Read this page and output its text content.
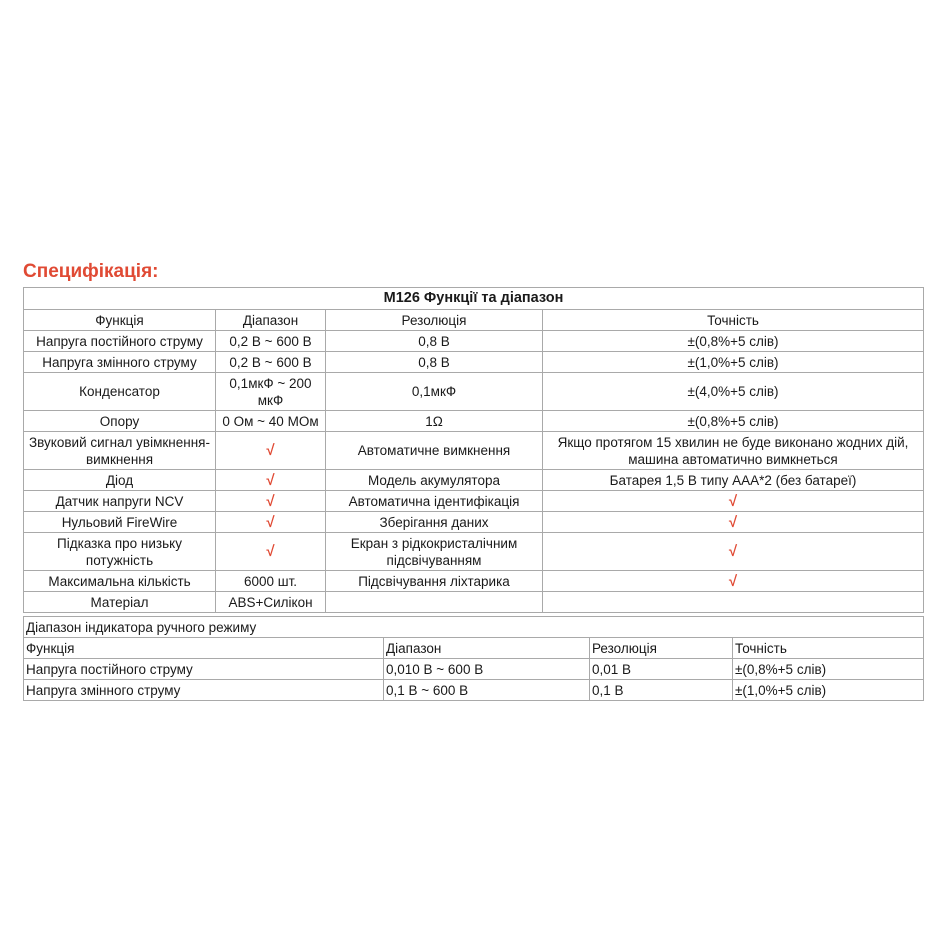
Специфікація:
M126 Функції та діапазон			
Функція	Діапазон	Резолюція	Точність
Напруга постійного струму	0,2 В ~ 600 В	0,8 В	±(0,8%+5 слів)
Напруга змінного струму	0,2 В ~ 600 В	0,8 В	±(1,0%+5 слів)
Конденсатор	0,1мкФ ~ 200 мкФ	0,1мкФ	±(4,0%+5 слів)
Опору	0 Ом ~ 40 МОм	1Ω	±(0,8%+5 слів)
Звуковий сигнал увімкнення-вимкнення	√	Автоматичне вимкнення	Якщо протягом 15 хвилин не буде виконано жодних дій, машина автоматично вимкнеться
Діод	√	Модель акумулятора	Батарея 1,5 В типу AAA*2 (без батареї)
Датчик напруги NCV	√	Автоматична ідентифікація	√
Нульовий FireWire	√	Зберігання даних	√
Підказка про низьку потужність	√	Екран з рідкокристалічним підсвічуванням	√
Максимальна кількість	6000 шт.	Підсвічування ліхтарика	√
Матеріал	ABS+Силікон		
Діапазон індикатора ручного режиму			
Функція	Діапазон	Резолюція	Точність
Напруга постійного струму	0,010 В ~ 600 В	0,01 В	±(0,8%+5 слів)
Напруга змінного струму	0,1 В ~ 600 В	0,1 В	±(1,0%+5 слів)
